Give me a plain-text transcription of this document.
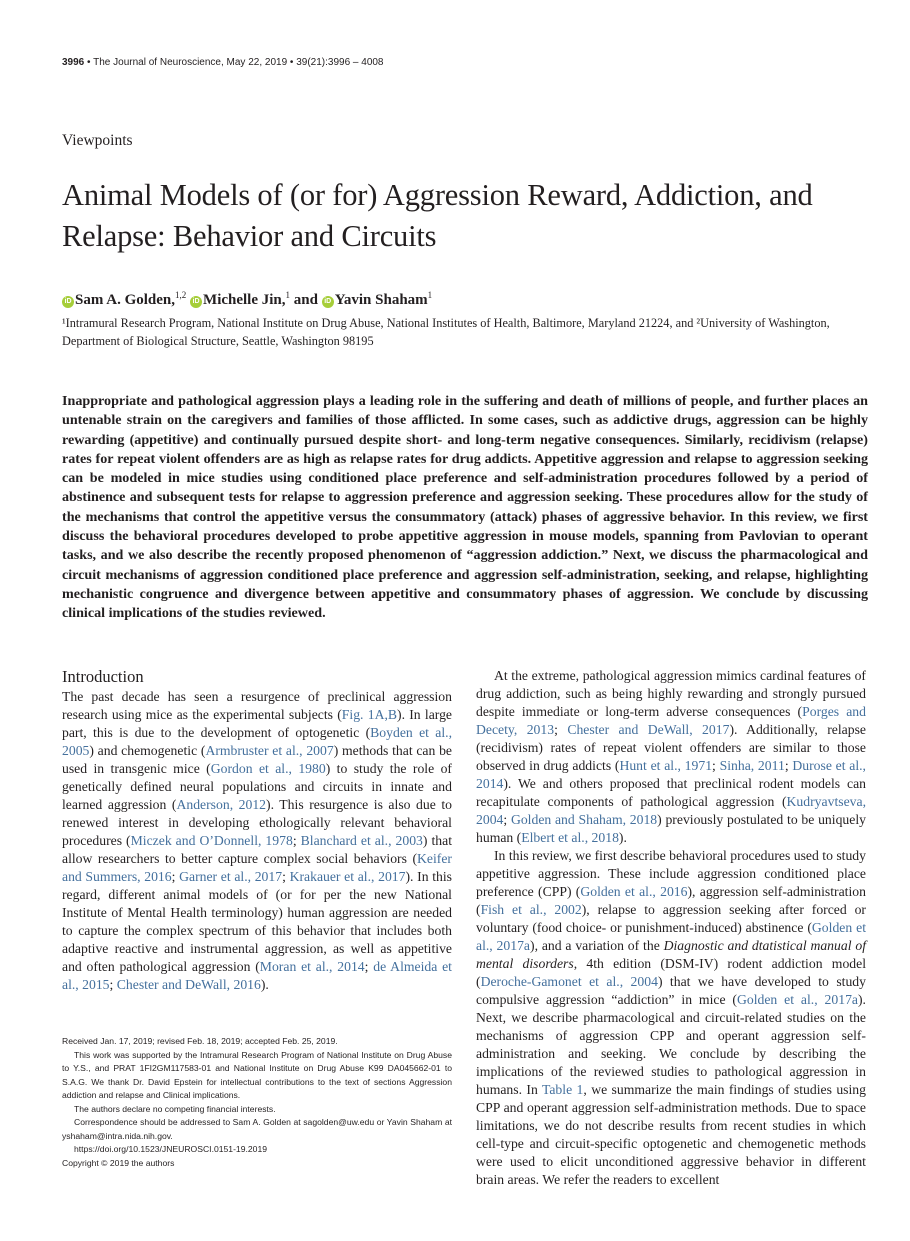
3996 • The Journal of Neuroscience, May 22, 2019 • 39(21):3996 – 4008
Viewpoints
Animal Models of (or for) Aggression Reward, Addiction, and Relapse: Behavior and Circuits
iD Sam A. Golden,$^{1,2}$ iD Michelle Jin,$^1$ and iD Yavin Shaham$^1$
¹Intramural Research Program, National Institute on Drug Abuse, National Institutes of Health, Baltimore, Maryland 21224, and ²University of Washington, Department of Biological Structure, Seattle, Washington 98195

Inappropriate and pathological aggression plays a leading role in the suffering and death of millions of people, and further places an untenable strain on the caregivers and families of those afflicted. In some cases, such as addictive drugs, aggression can be highly rewarding (appetitive) and continually pursued despite short- and long-term negative consequences. Similarly, recidivism (relapse) rates for repeat violent offenders are as high as relapse rates for drug addicts. Appetitive aggression and relapse to aggression seeking can be modeled in mice studies using conditioned place preference and self-administration procedures followed by a period of abstinence and subsequent tests for relapse to aggression preference and aggression seeking. These procedures allow for the study of the mechanisms that control the appetitive versus the consummatory (attack) phases of aggressive behavior. In this review, we first discuss the behavioral procedures developed to probe appetitive aggression in mouse models, spanning from Pavlovian to operant tasks, and we also describe the recently proposed phenomenon of “aggression addiction.” Next, we discuss the pharmacological and circuit mechanisms of aggression conditioned place preference and aggression self-administration, seeking, and relapse, highlighting mechanistic congruence and divergence between appetitive and consummatory phases of aggression. We conclude by discussing clinical implications of the studies reviewed.

Introduction

The past decade has seen a resurgence of preclinical aggression research using mice as the experimental subjects (Fig. 1A,B). In large part, this is due to the development of optogenetic (Boyden et al., 2005) and chemogenetic (Armbruster et al., 2007) methods that can be used in transgenic mice (Gordon et al., 1980) to study the role of genetically defined neural populations and circuits in innate and learned aggression (Anderson, 2012). This resurgence is also due to renewed interest in developing ethologically relevant behavioral procedures (Miczek and O’Donnell, 1978; Blanchard et al., 2003) that allow researchers to better capture complex social behaviors (Keifer and Summers, 2016; Garner et al., 2017; Krakauer et al., 2017). In this regard, different animal models of (or for per the new National Institute of Mental Health terminology) human aggression are needed to capture the complex spectrum of this behavior that includes both adaptive reactive and instrumental aggression, as well as appetitive and often pathological aggression (Moran et al., 2014; de Almeida et al., 2015; Chester and DeWall, 2016).

Received Jan. 17, 2019; revised Feb. 18, 2019; accepted Feb. 25, 2019.

This work was supported by the Intramural Research Program of National Institute on Drug Abuse to Y.S., and PRAT 1FI2GM117583-01 and National Institute on Drug Abuse K99 DA045662-01 to S.A.G. We thank Dr. David Epstein for intellectual contributions to the text of sections Aggression addiction and relapse and Clinical implications.

The authors declare no competing financial interests.

Correspondence should be addressed to Sam A. Golden at sagolden@uw.edu or Yavin Shaham at yshaham@intra.nida.nih.gov.

https://doi.org/10.1523/JNEUROSCI.0151-19.2019

Copyright © 2019 the authors

At the extreme, pathological aggression mimics cardinal features of drug addiction, such as being highly rewarding and strongly pursued despite immediate or long-term adverse consequences (Porges and Decety, 2013; Chester and DeWall, 2017). Additionally, relapse (recidivism) rates of repeat violent offenders are similar to those observed in drug addicts (Hunt et al., 1971; Sinha, 2011; Durose et al., 2014). We and others proposed that preclinical rodent models can recapitulate components of pathological aggression (Kudryavtseva, 2004; Golden and Shaham, 2018) previously postulated to be uniquely human (Elbert et al., 2018).

In this review, we first describe behavioral procedures used to study appetitive aggression. These include aggression conditioned place preference (CPP) (Golden et al., 2016), aggression self-administration (Fish et al., 2002), relapse to aggression seeking after forced or voluntary (food choice- or punishment-induced) abstinence (Golden et al., 2017a), and a variation of the Diagnostic and dtatistical manual of mental disorders, 4th edition (DSM-IV) rodent addiction model (Deroche-Gamonet et al., 2004) that we have developed to study compulsive aggression “addiction” in mice (Golden et al., 2017a). Next, we describe pharmacological and circuit-related studies on the mechanisms of aggression CPP and operant aggression self-administration and seeking. We conclude by describing the implications of the reviewed studies to pathological aggression in humans. In Table 1, we summarize the main findings of studies using CPP and operant aggression self-administration methods. Due to space limitations, we do not describe results from recent studies in which cell-type and circuit-specific optogenetic and chemogenetic methods were used to elicit unconditioned aggressive behavior in different brain areas. We refer the readers to excellent
